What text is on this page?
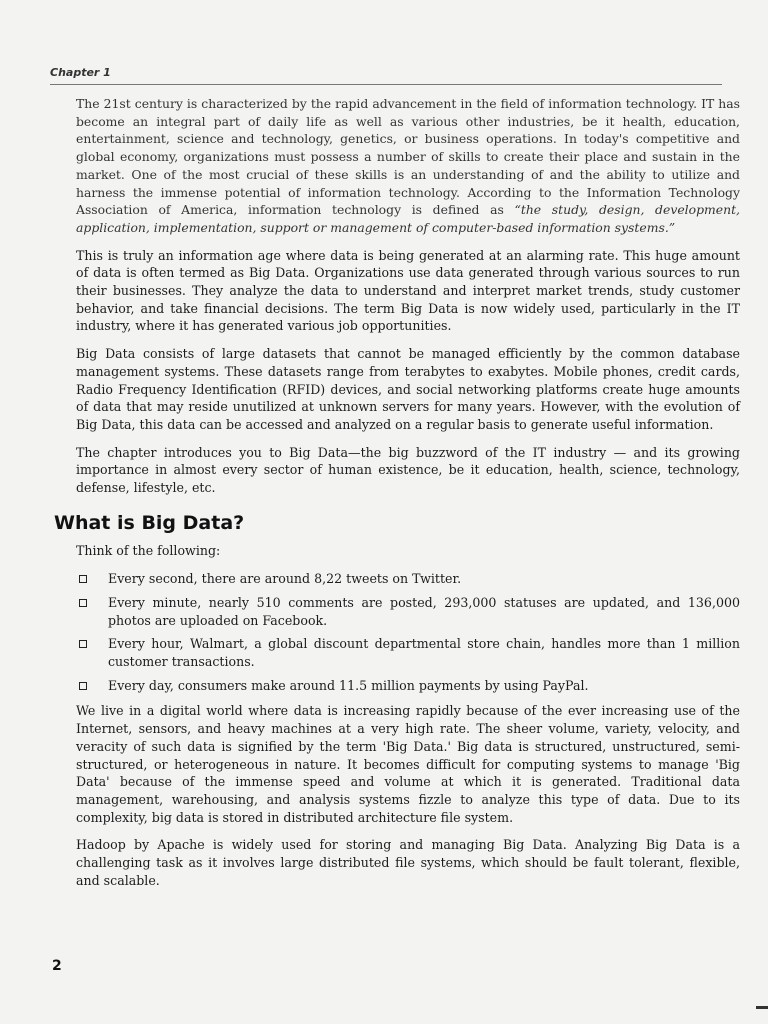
Chapter 1

The 21st century is characterized by the rapid advancement in the field of information technology. IT has become an integral part of daily life as well as various other industries, be it health, education, entertainment, science and technology, genetics, or business operations. In today's competitive and global economy, organizations must possess a number of skills to create their place and sustain in the market. One of the most crucial of these skills is an understanding of and the ability to utilize and harness the immense potential of information technology. According to the Information Technology Association of America, information technology is defined as “the study, design, development, application, implementation, support or management of computer-based information systems.”

This is truly an information age where data is being generated at an alarming rate. This huge amount of data is often termed as Big Data. Organizations use data generated through various sources to run their businesses. They analyze the data to understand and interpret market trends, study customer behavior, and take financial decisions. The term Big Data is now widely used, particularly in the IT industry, where it has generated various job opportunities.

Big Data consists of large datasets that cannot be managed efficiently by the common database management systems. These datasets range from terabytes to exabytes. Mobile phones, credit cards, Radio Frequency Identification (RFID) devices, and social networking platforms create huge amounts of data that may reside unutilized at unknown servers for many years. However, with the evolution of Big Data, this data can be accessed and analyzed on a regular basis to generate useful information.

The chapter introduces you to Big Data—the big buzzword of the IT industry — and its growing importance in almost every sector of human existence, be it education, health, science, technology, defense, lifestyle, etc.

What is Big Data?

Think of the following:

Every second, there are around 8,22 tweets on Twitter.
Every minute, nearly 510 comments are posted, 293,000 statuses are updated, and 136,000 photos are uploaded on Facebook.
Every hour, Walmart, a global discount departmental store chain, handles more than 1 million customer transactions.
Every day, consumers make around 11.5 million payments by using PayPal.

We live in a digital world where data is increasing rapidly because of the ever increasing use of the Internet, sensors, and heavy machines at a very high rate. The sheer volume, variety, velocity, and veracity of such data is signified by the term 'Big Data.' Big data is structured, unstructured, semi-structured, or heterogeneous in nature. It becomes difficult for computing systems to manage 'Big Data' because of the immense speed and volume at which it is generated. Traditional data management, warehousing, and analysis systems fizzle to analyze this type of data. Due to its complexity, big data is stored in distributed architecture file system.

Hadoop by Apache is widely used for storing and managing Big Data. Analyzing Big Data is a challenging task as it involves large distributed file systems, which should be fault tolerant, flexible, and scalable.

2
